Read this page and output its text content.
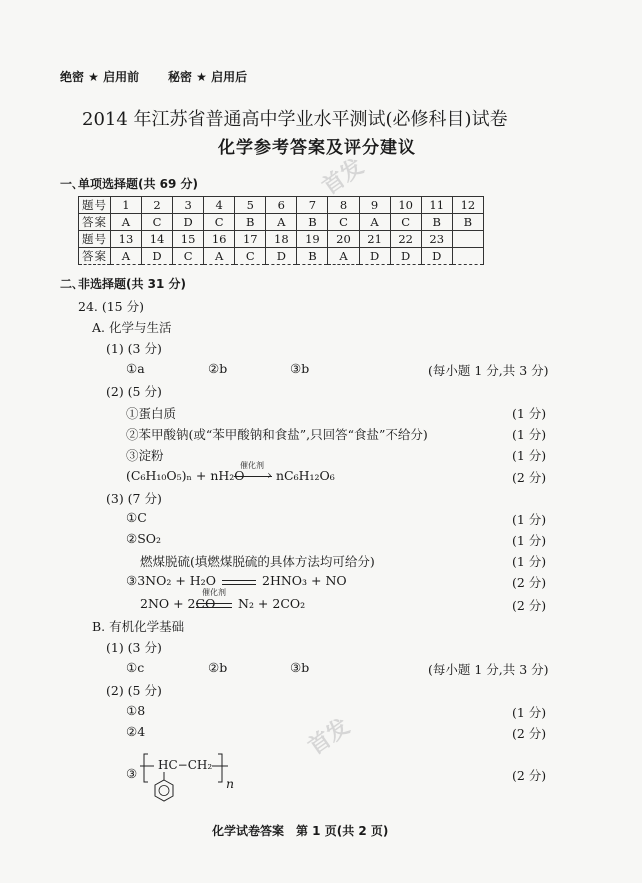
绝密 ★ 启用前 秘密 ★ 启用后
2014 年江苏省普通高中学业水平测试(必修科目)试卷
化学参考答案及评分建议
首发
首发
一､单项选择题(共 69 分)
题号	1	2	3	4	5	6	7	8	9	10	11	12
答案	A	C	D	C	B	A	B	C	A	C	B	B
题号	13	14	15	16	17	18	19	20	21	22	23	
答案	A	D	C	A	C	D	B	A	D	D	D	
二､非选择题(共 31 分)
24. (15 分)
A. 化学与生活
(1) (3 分)
①a	②b	③b	(每小题 1 分,共 3 分)
(2) (5 分)
①蛋白质	(1 分)
②苯甲酸钠(或“苯甲酸钠和食盐”,只回答“食盐”不给分)	(1 分)
③淀粉	(1 分)
(C₆H₁₀O₅)ₙ + nH₂O
催化剂
› nC₆H₁₂O₆	(2 分)
(3) (7 分)
①C	(1 分)
②SO₂	(1 分)
燃煤脱硫(填燃煤脱硫的具体方法均可给分)	(1 分)
③3NO₂ + H₂O	2HNO₃ + NO	(2 分)
2NO + 2CO
催化剂
N₂ + 2CO₂	(2 分)
B. 有机化学基础
(1) (3 分)
①c	②b	③b	(每小题 1 分,共 3 分)
(2) (5 分)
①8	(1 分)
②4	(2 分)
③
HC−CH₂
n
(2 分)
化学试卷答案　第 1 页(共 2 页)
